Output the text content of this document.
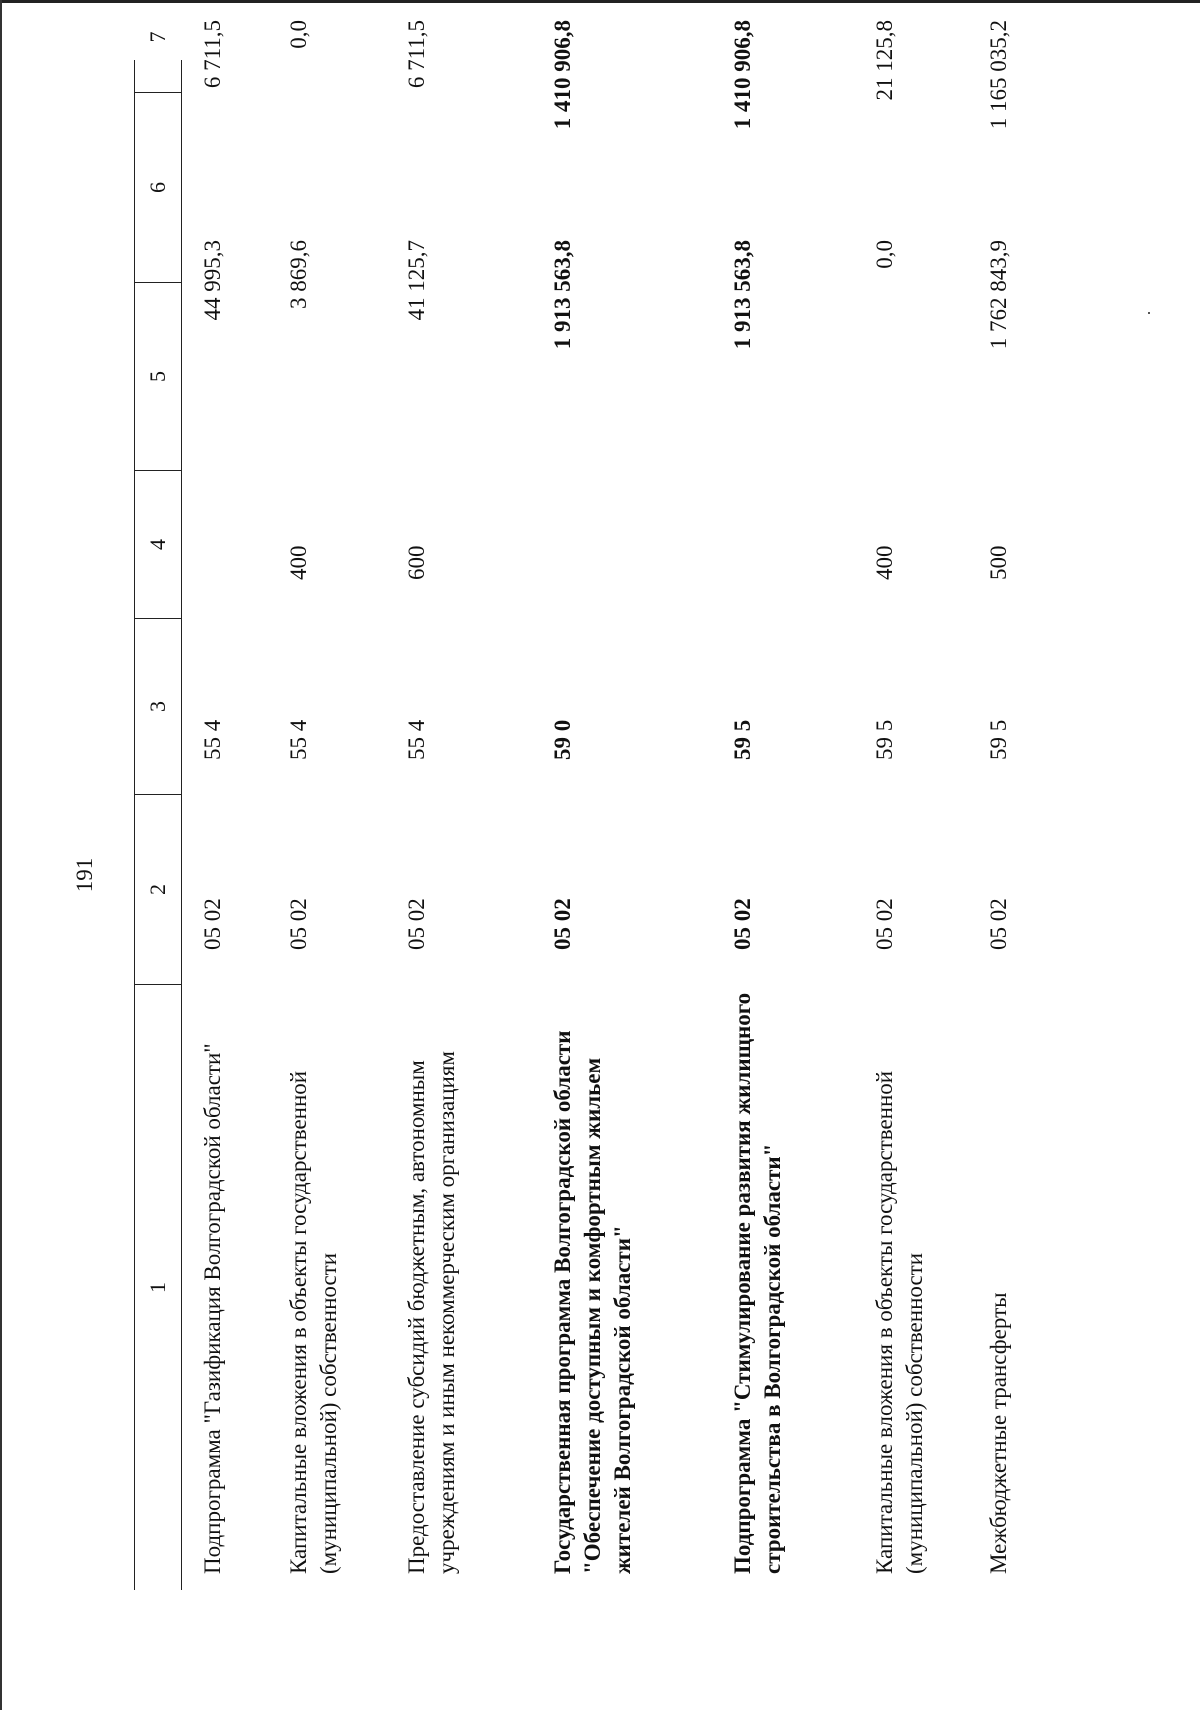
191
1
2
3
4
5
6
7
Подпрограмма "Газификация Волгоградской области"
05 02
55 4
44 995,3
6 711,5
Капитальные вложения в объекты государственной (муниципальной) собственности
05 02
55 4
400
3 869,6
0,0
Предоставление субсидий бюджетным, автономным учреждениям и иным некоммерческим организациям
05 02
55 4
600
41 125,7
6 711,5
Государственная программа Волгоградской области "Обеспечение доступным и комфортным жильем жителей Волгоградской области"
05 02
59 0
1 913 563,8
1 410 906,8
Подпрограмма "Стимулирование развития жилищного строительства в Волгоградской области"
05 02
59 5
1 913 563,8
1 410 906,8
Капитальные вложения в объекты государственной (муниципальной) собственности
05 02
59 5
400
0,0
21 125,8
Межбюджетные трансферты
05 02
59 5
500
1 762 843,9
1 165 035,2
